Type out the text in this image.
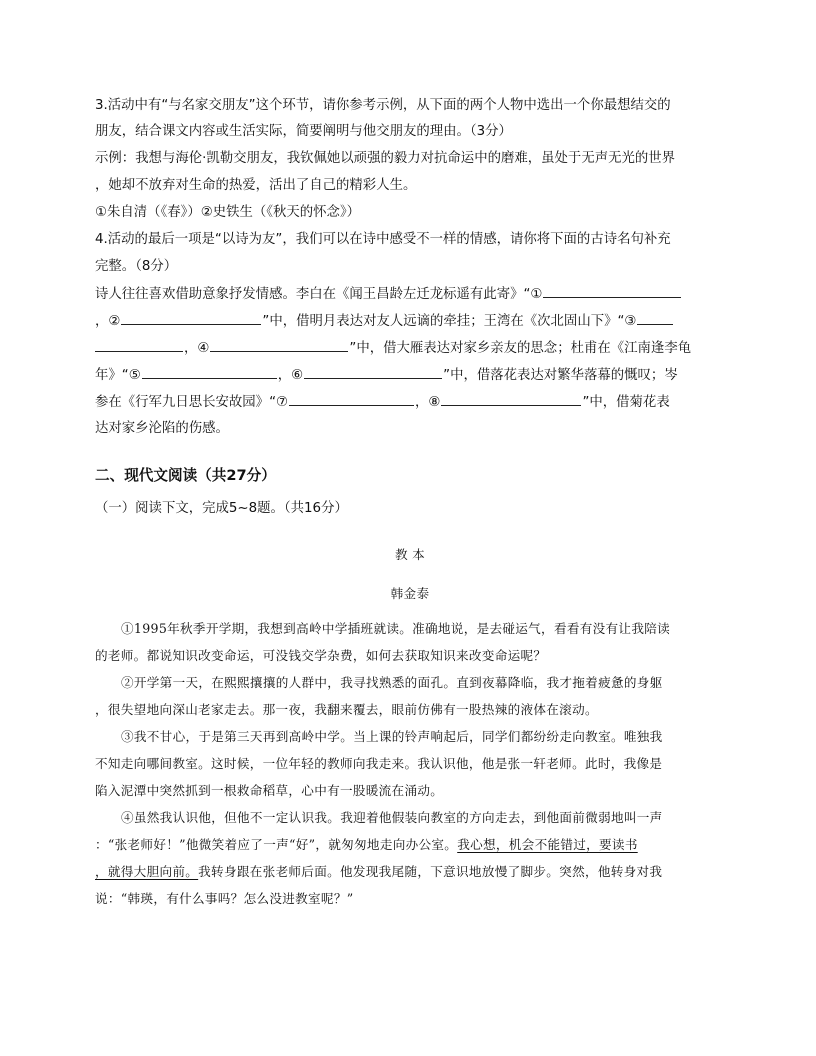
3.活动中有“与名家交朋友”这个环节，请你参考示例，从下面的两个人物中选出一个你最想结交的
朋友，结合课文内容或生活实际，简要阐明与他交朋友的理由。（3分）
示例：我想与海伦·凯勒交朋友，我钦佩她以顽强的毅力对抗命运中的磨难，虽处于无声无光的世界
，她却不放弃对生命的热爱，活出了自己的精彩人生。
①朱自清（《春》）②史铁生（《秋天的怀念》）
4.活动的最后一项是“以诗为友”，我们可以在诗中感受不一样的情感，请你将下面的古诗名句补充
完整。（8分）
诗人往往喜欢借助意象抒发情感。李白在《闻王昌龄左迁龙标遥有此寄》“①
，②	”中，借明月表达对友人远谪的牵挂；王湾在《次北固山下》“③
，④	”中，借大雁表达对家乡亲友的思念；杜甫在《江南逢李龟
年》“⑤	，⑥	”中，借落花表达对繁华落幕的慨叹；岑
参在《行军九日思长安故园》“⑦	，⑧	”中，借菊花表
达对家乡沦陷的伤感。
二、现代文阅读（共27分）
（一）阅读下文，完成5~8题。（共16分）
教 本
韩金泰
①1995年秋季开学期，我想到高岭中学插班就读。准确地说，是去碰运气，看看有没有让我陪读
的老师。都说知识改变命运，可没钱交学杂费，如何去获取知识来改变命运呢？
②开学第一天，在熙熙攘攘的人群中，我寻找熟悉的面孔。直到夜幕降临，我才拖着疲惫的身躯
，很失望地向深山老家走去。那一夜，我翻来覆去，眼前仿佛有一股热辣的液体在滚动。
③我不甘心，于是第三天再到高岭中学。当上课的铃声响起后，同学们都纷纷走向教室。唯独我
不知走向哪间教室。这时候，一位年轻的教师向我走来。我认识他，他是张一轩老师。此时，我像是
陷入泥潭中突然抓到一根救命稻草，心中有一股暖流在涌动。
④虽然我认识他，但他不一定认识我。我迎着他假装向教室的方向走去，到他面前微弱地叫一声
：“张老师好！”他微笑着应了一声“好”，就匆匆地走向办公室。我心想，机会不能错过，要读书
，就得大胆向前。我转身跟在张老师后面。他发现我尾随，下意识地放慢了脚步。突然，他转身对我
说：“韩瑛，有什么事吗？怎么没进教室呢？”
